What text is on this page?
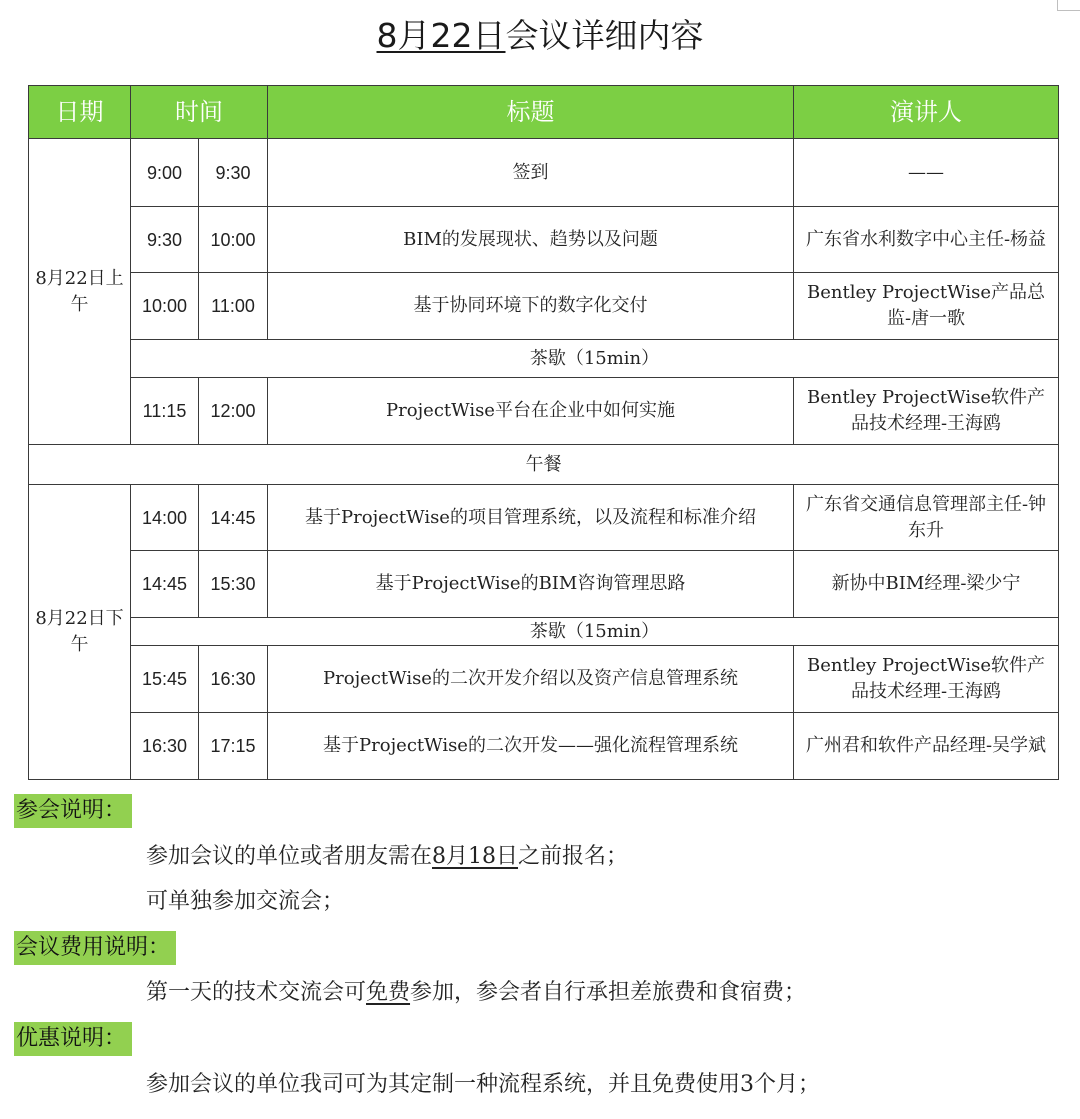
8月22日会议详细内容
日期	时间		标题	演讲人
8月22日上午	9:00	9:30	签到	——
	9:30	10:00	BIM的发展现状、趋势以及问题	广东省水利数字中心主任-杨益
	10:00	11:00	基于协同环境下的数字化交付	Bentley ProjectWise产品总监-唐一歌
	茶歇（15min）			
	11:15	12:00	ProjectWise平台在企业中如何实施	Bentley ProjectWise软件产品技术经理-王海鸥
午餐				
8月22日下午	14:00	14:45	基于ProjectWise的项目管理系统，以及流程和标准介绍	广东省交通信息管理部主任-钟东升
	14:45	15:30	基于ProjectWise的BIM咨询管理思路	新协中BIM经理-梁少宁
	茶歇（15min）			
	15:45	16:30	ProjectWise的二次开发介绍以及资产信息管理系统	Bentley ProjectWise软件产品技术经理-王海鸥
	16:30	17:15	基于ProjectWise的二次开发——强化流程管理系统	广州君和软件产品经理-吴学斌
参会说明：
参加会议的单位或者朋友需在8月18日之前报名；
可单独参加交流会；
会议费用说明：
第一天的技术交流会可免费参加，参会者自行承担差旅费和食宿费；
优惠说明：
参加会议的单位我司可为其定制一种流程系统，并且免费使用3个月；
